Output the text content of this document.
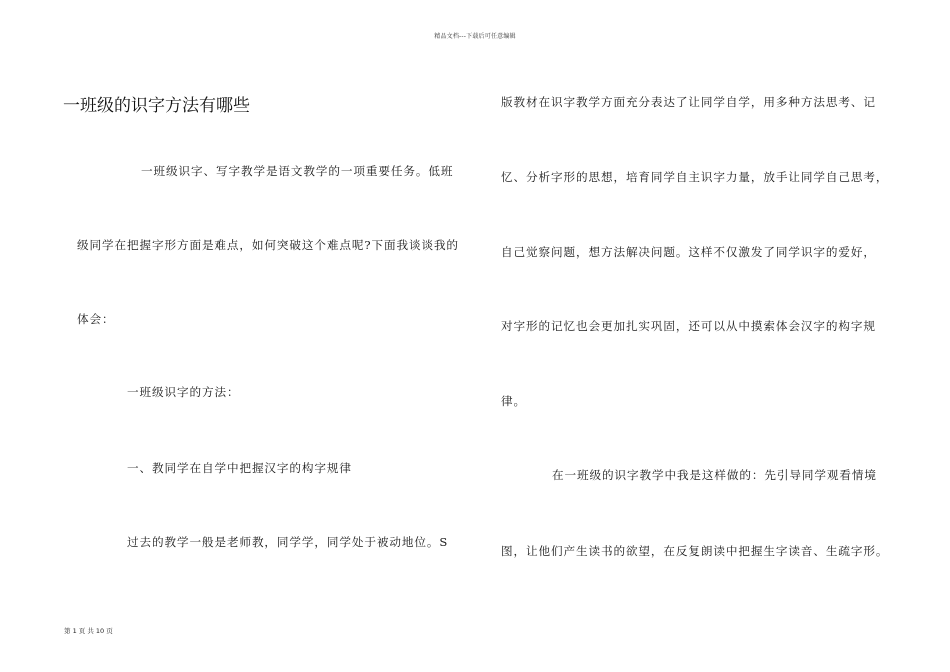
精品文档---下载后可任意编辑
一班级的识字方法有哪些
一班级识字、写字教学是语文教学的一项重要任务。低班
级同学在把握字形方面是难点，如何突破这个难点呢?下面我谈谈我的
体会：
一班级识字的方法：
一、教同学在自学中把握汉字的构字规律
过去的教学一般是老师教，同学学，同学处于被动地位。S
版教材在识字教学方面充分表达了让同学自学，用多种方法思考、记
忆、分析字形的思想，培育同学自主识字力量，放手让同学自己思考，
自己觉察问题，想方法解决问题。这样不仅激发了同学识字的爱好，
对字形的记忆也会更加扎实巩固，还可以从中摸索体会汉字的构字规
律。
在一班级的识字教学中我是这样做的：先引导同学观看情境
图，让他们产生读书的欲望，在反复朗读中把握生字读音、生疏字形。
第 1 页 共 10 页
